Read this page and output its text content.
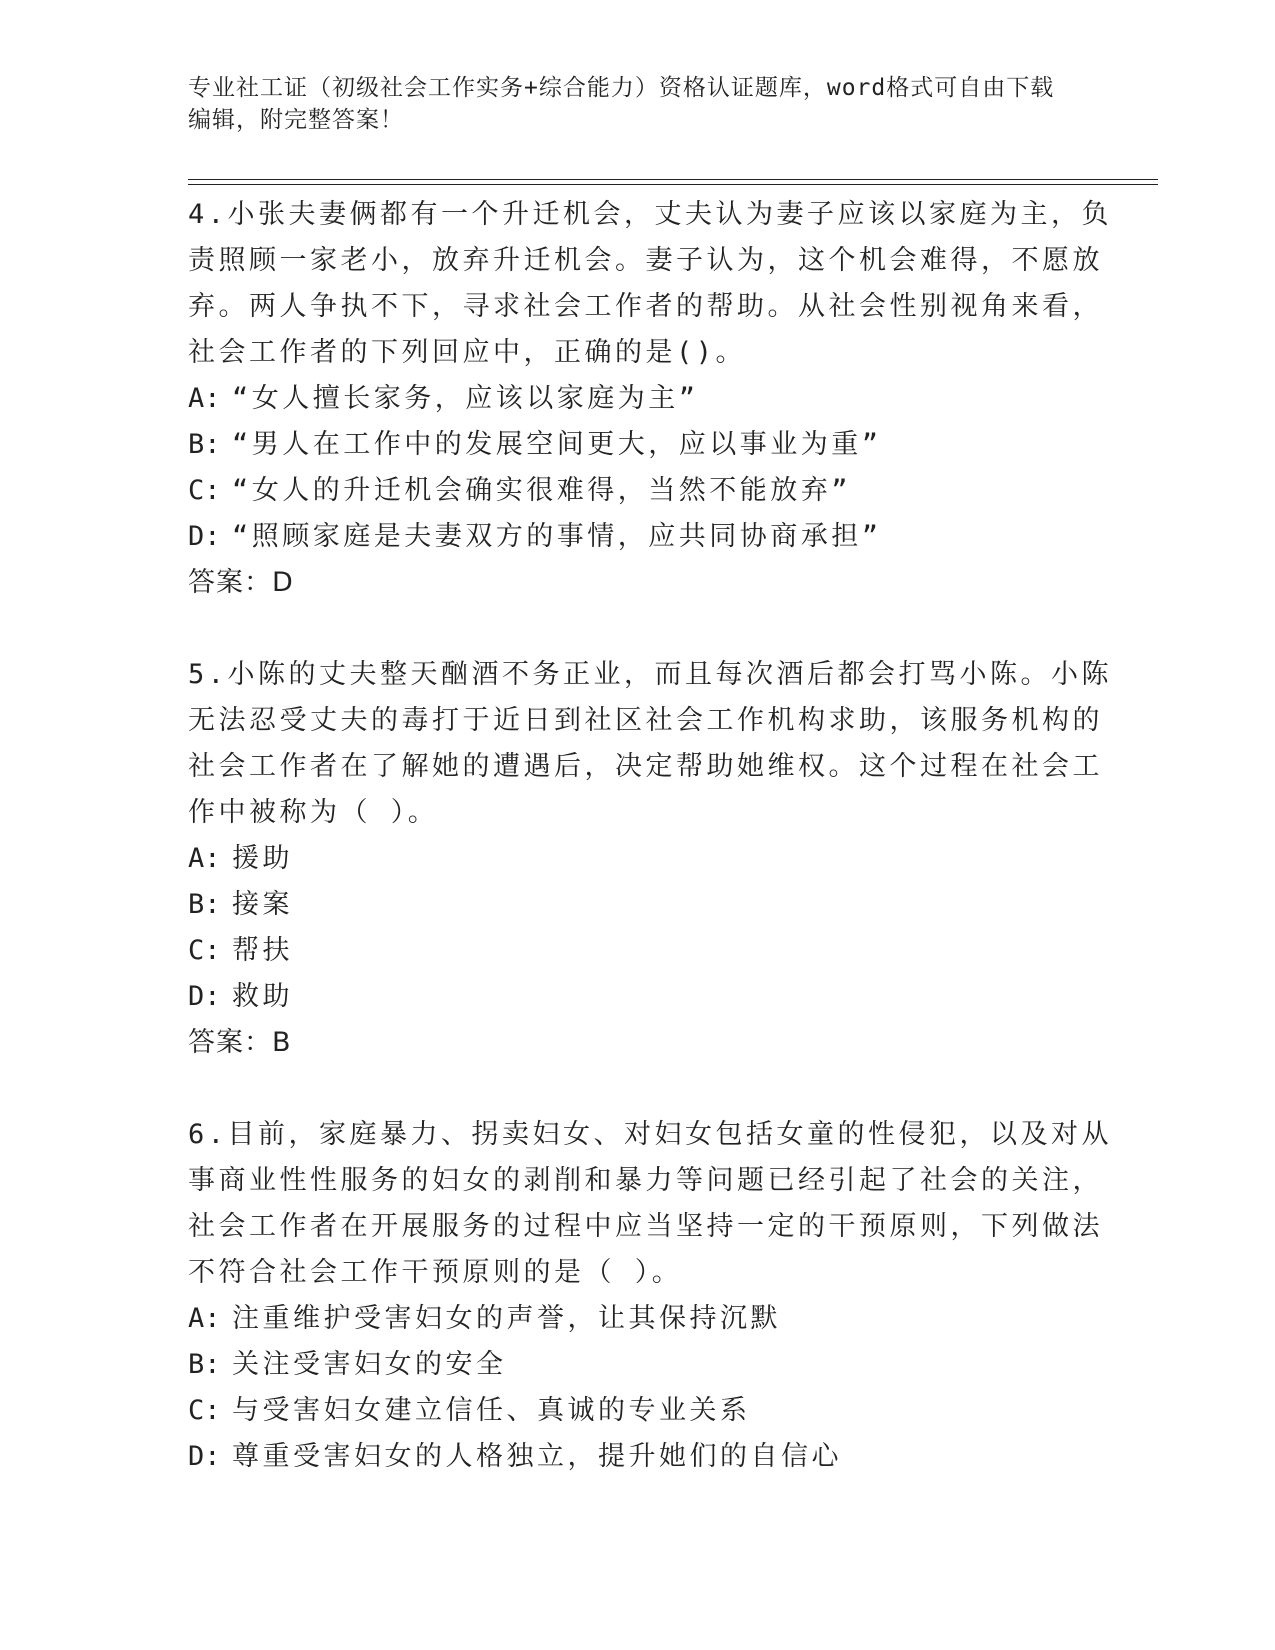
专业社工证（初级社会工作实务+综合能力）资格认证题库，word格式可自由下载
编辑，附完整答案！
4.小张夫妻俩都有一个升迁机会，丈夫认为妻子应该以家庭为主，负
责照顾一家老小，放弃升迁机会。妻子认为，这个机会难得，不愿放
弃。两人争执不下，寻求社会工作者的帮助。从社会性别视角来看，
社会工作者的下列回应中，正确的是()。
A: “女人擅长家务，应该以家庭为主”
B: “男人在工作中的发展空间更大，应以事业为重”
C: “女人的升迁机会确实很难得，当然不能放弃”
D: “照顾家庭是夫妻双方的事情，应共同协商承担”
答案：D
5.小陈的丈夫整天酗酒不务正业，而且每次酒后都会打骂小陈。小陈
无法忍受丈夫的毒打于近日到社区社会工作机构求助，该服务机构的
社会工作者在了解她的遭遇后，决定帮助她维权。这个过程在社会工
作中被称为（ ）。
A: 援助
B: 接案
C: 帮扶
D: 救助
答案：B
6.目前，家庭暴力、拐卖妇女、对妇女包括女童的性侵犯，以及对从
事商业性性服务的妇女的剥削和暴力等问题已经引起了社会的关注，
社会工作者在开展服务的过程中应当坚持一定的干预原则，下列做法
不符合社会工作干预原则的是（ ）。
A: 注重维护受害妇女的声誉，让其保持沉默
B: 关注受害妇女的安全
C: 与受害妇女建立信任、真诚的专业关系
D: 尊重受害妇女的人格独立，提升她们的自信心
